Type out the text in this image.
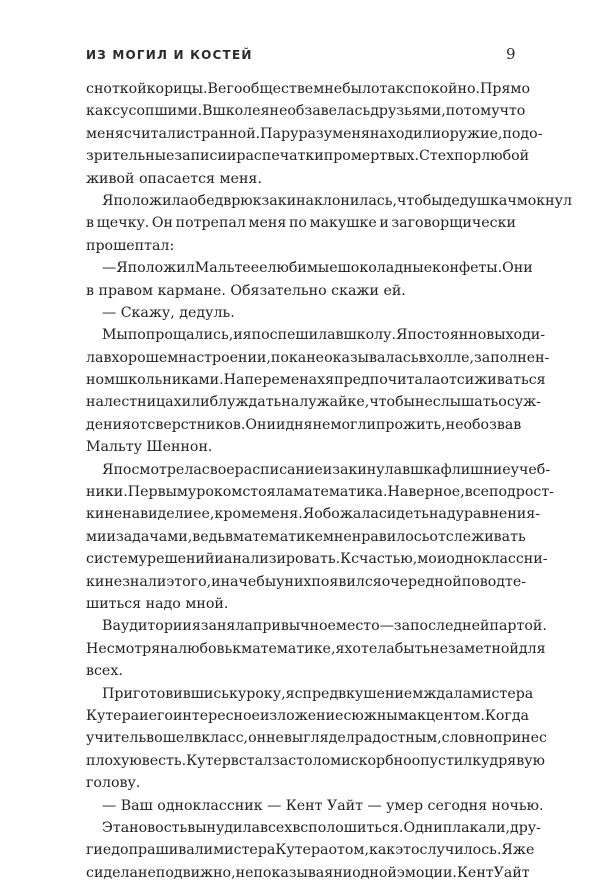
ИЗ МОГИЛ И КОСТЕЙ	9
с ноткой корицы. В его обществе мне было так спокойно. Прямо
как с усопшими. В школе я не обзавелась друзьями, потому что
меня считали странной. Пару раз у меня находили оружие, подо-
зрительные записи и распечатки про мертвых. С тех пор любой
живой опасается меня.
Я положила обед в рюкзак и наклонилась, чтобы дедушка чмокнул
в щечку. Он потрепал меня по макушке и заговорщически
прошептал:
— Я положил Мальте ее любимые шоколадные конфеты. Они
в правом кармане. Обязательно скажи ей.
— Скажу, дедуль.
Мы попрощались, и я поспешила в школу. Я постоянно выходи-
ла в хорошем настроении, пока не оказывалась в холле, заполнен-
ном школьниками. На переменах я предпочитала отсиживаться
на лестницах или блуждать на лужайке, чтобы не слышать осуж-
дения от сверстников. Они и дня не могли прожить, не обозвав
Мальту Шеннон.
Я посмотрела свое расписание и закинула в шкаф лишние учеб-
ники. Первым уроком стояла математика. Наверное, все подрост-
ки ненавидели ее, кроме меня. Я обожала сидеть над уравнения-
ми и задачами, ведь в математике мне нравилось отслеживать
систему решений и анализировать. К счастью, мои одноклассни-
ки не знали этого, иначе бы у них появился очередной повод те-
шиться надо мной.
В аудитории я заняла привычное место — за последней партой.
Несмотря на любовь к математике, я хотела быть незаметной для
всех.
Приготовившись к уроку, я с предвкушением ждала мистера
Кутера и его интересное изложение с южным акцентом. Когда
учитель вошел в класс, он не выглядел радостным, словно принес
плохую весть. Кутер встал за столом и скорбно опустил кудрявую
голову.
— Ваш одноклассник — Кент Уайт — умер сегодня ночью.
Эта новость вынудила всех всполошиться. Одни плакали, дру-
гие допрашивали мистера Кутера о том, как это случилось. Я же
сидела неподвижно, не показывая ни одной эмоции. Кент Уайт
